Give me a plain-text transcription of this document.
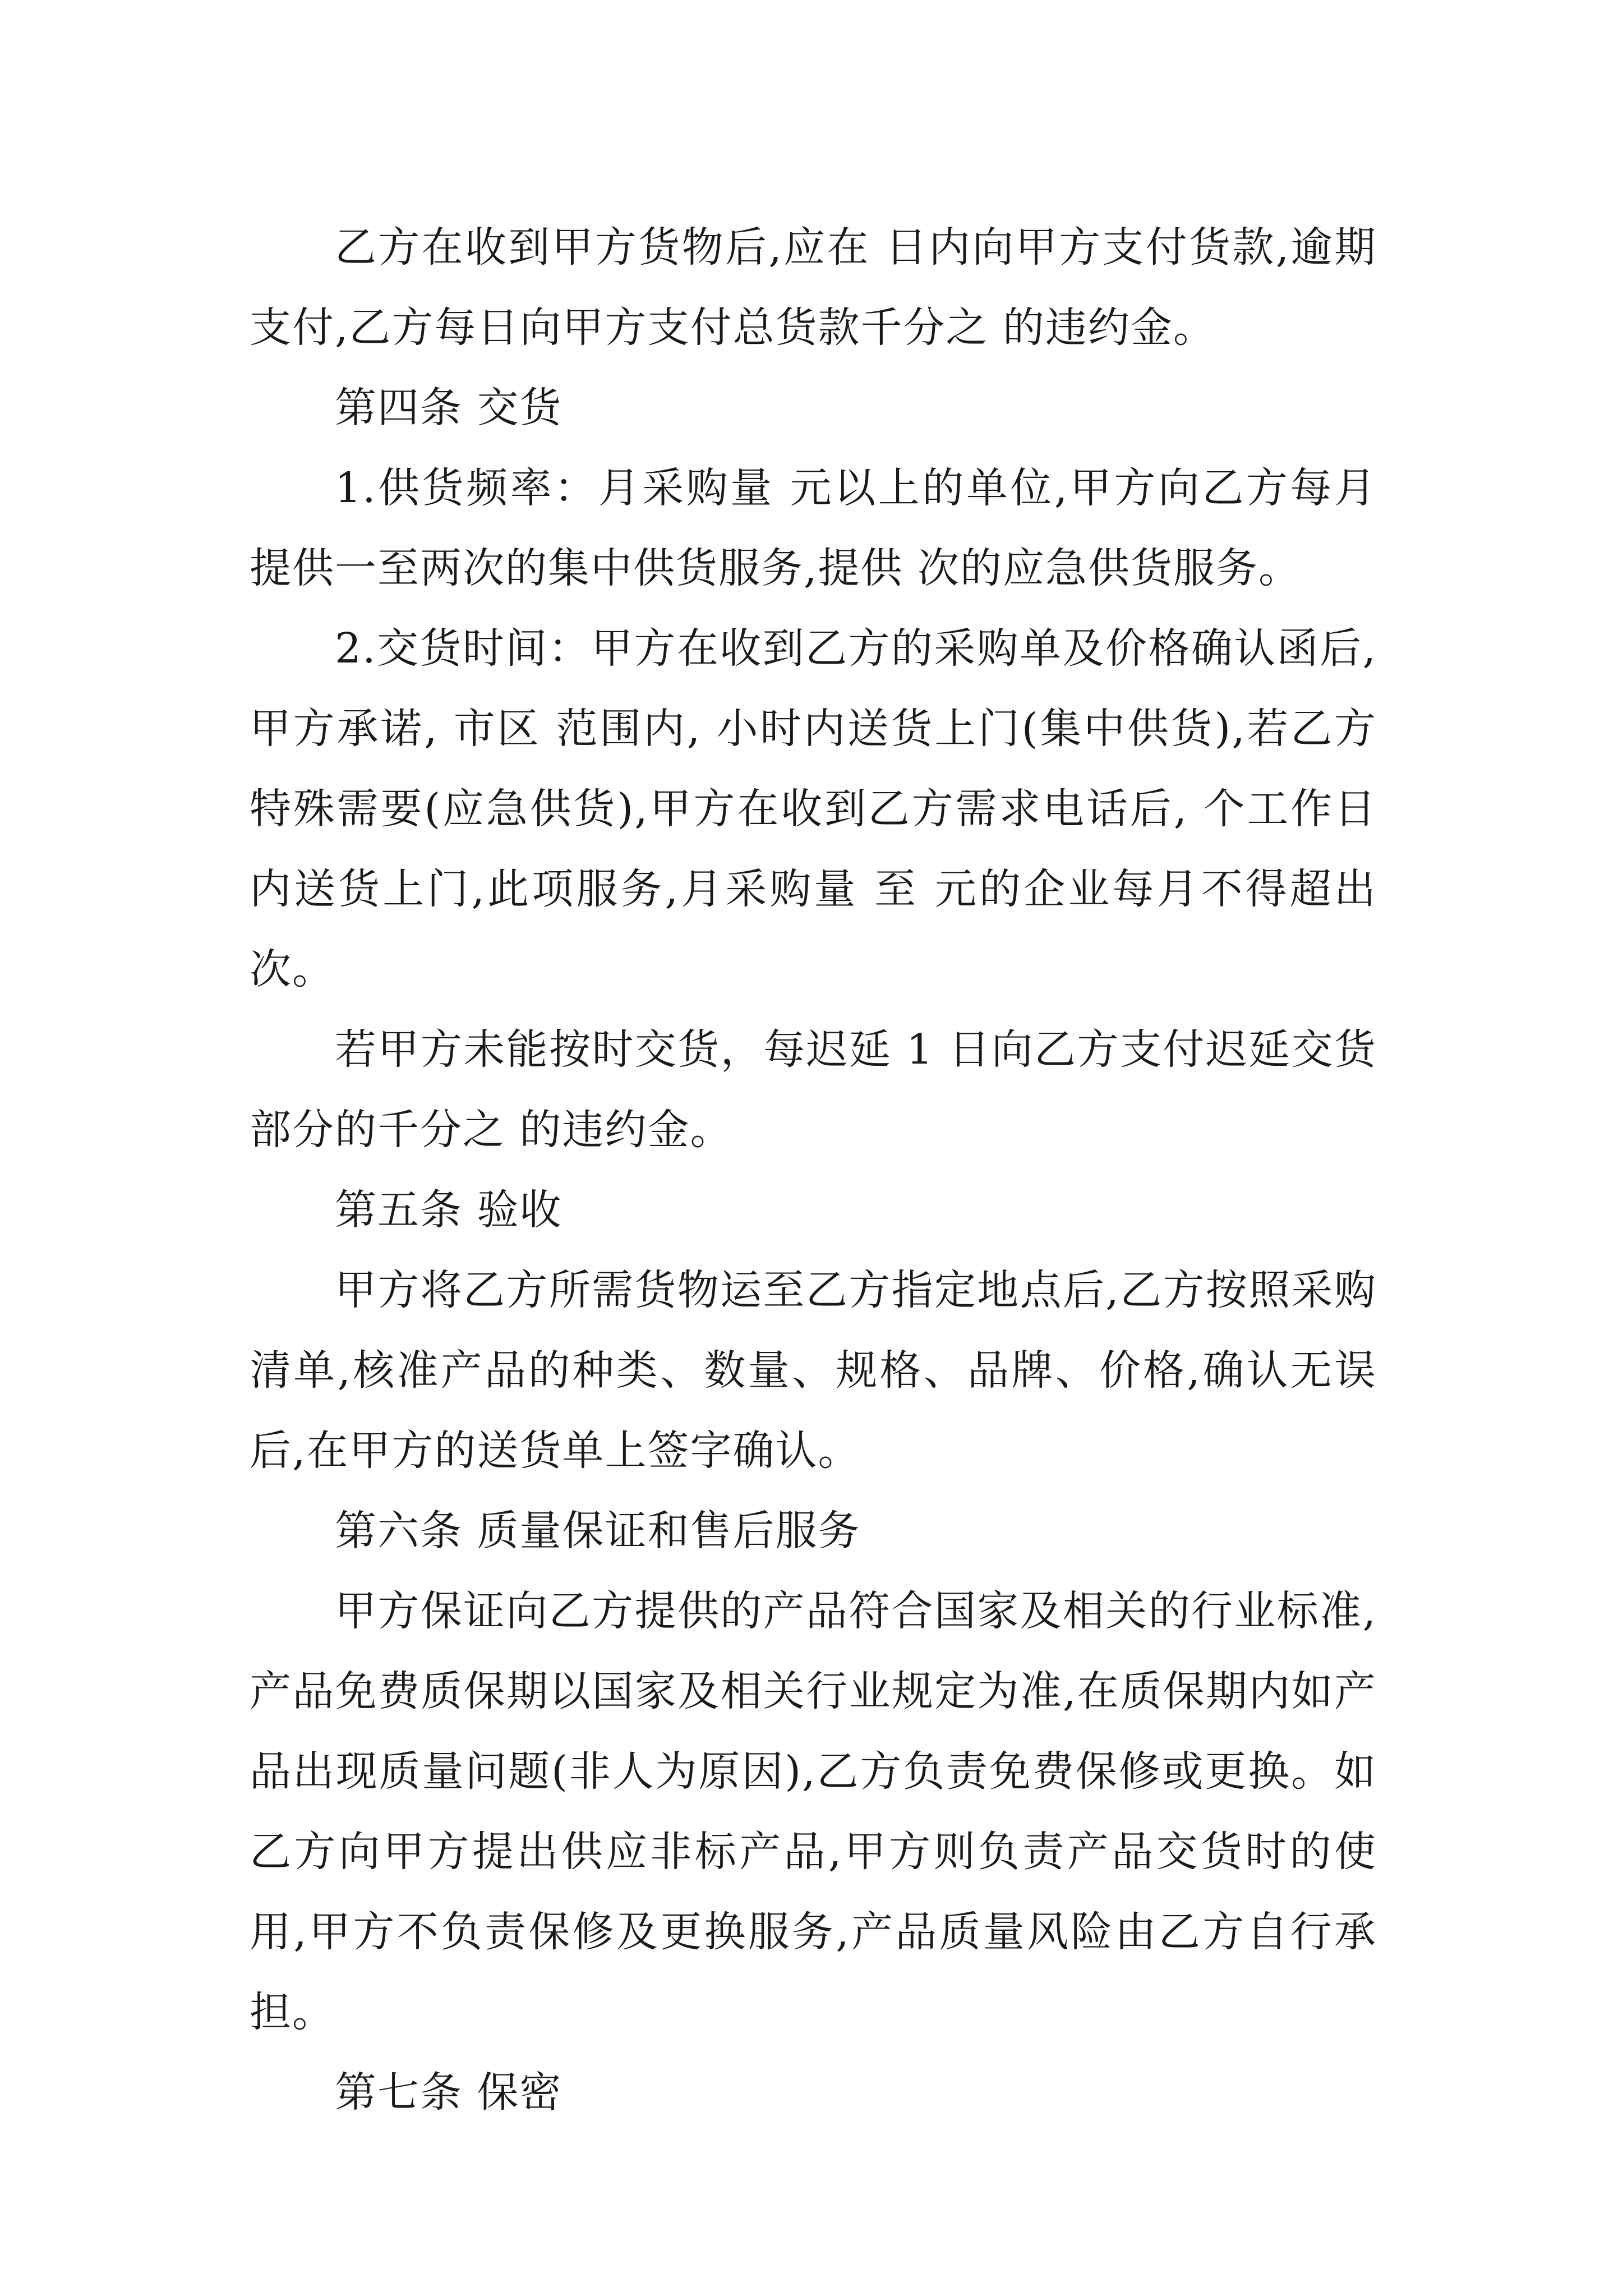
乙方在收到甲方货物后,应在 日内向甲方支付货款,逾期支付,乙方每日向甲方支付总货款千分之 的违约金。

第四条 交货

1.供货频率：月采购量 元以上的单位,甲方向乙方每月提供一至两次的集中供货服务,提供 次的应急供货服务。

2.交货时间：甲方在收到乙方的采购单及价格确认函后,甲方承诺, 市区 范围内, 小时内送货上门(集中供货),若乙方特殊需要(应急供货),甲方在收到乙方需求电话后, 个工作日内送货上门,此项服务,月采购量 至 元的企业每月不得超出 次。

若甲方未能按时交货，每迟延 1 日向乙方支付迟延交货部分的千分之 的违约金。

第五条 验收

甲方将乙方所需货物运至乙方指定地点后,乙方按照采购清单,核准产品的种类、数量、规格、品牌、价格,确认无误后,在甲方的送货单上签字确认。

第六条 质量保证和售后服务

甲方保证向乙方提供的产品符合国家及相关的行业标准,产品免费质保期以国家及相关行业规定为准,在质保期内如产品出现质量问题(非人为原因),乙方负责免费保修或更换。如乙方向甲方提出供应非标产品,甲方则负责产品交货时的使用,甲方不负责保修及更换服务,产品质量风险由乙方自行承担。

第七条 保密
